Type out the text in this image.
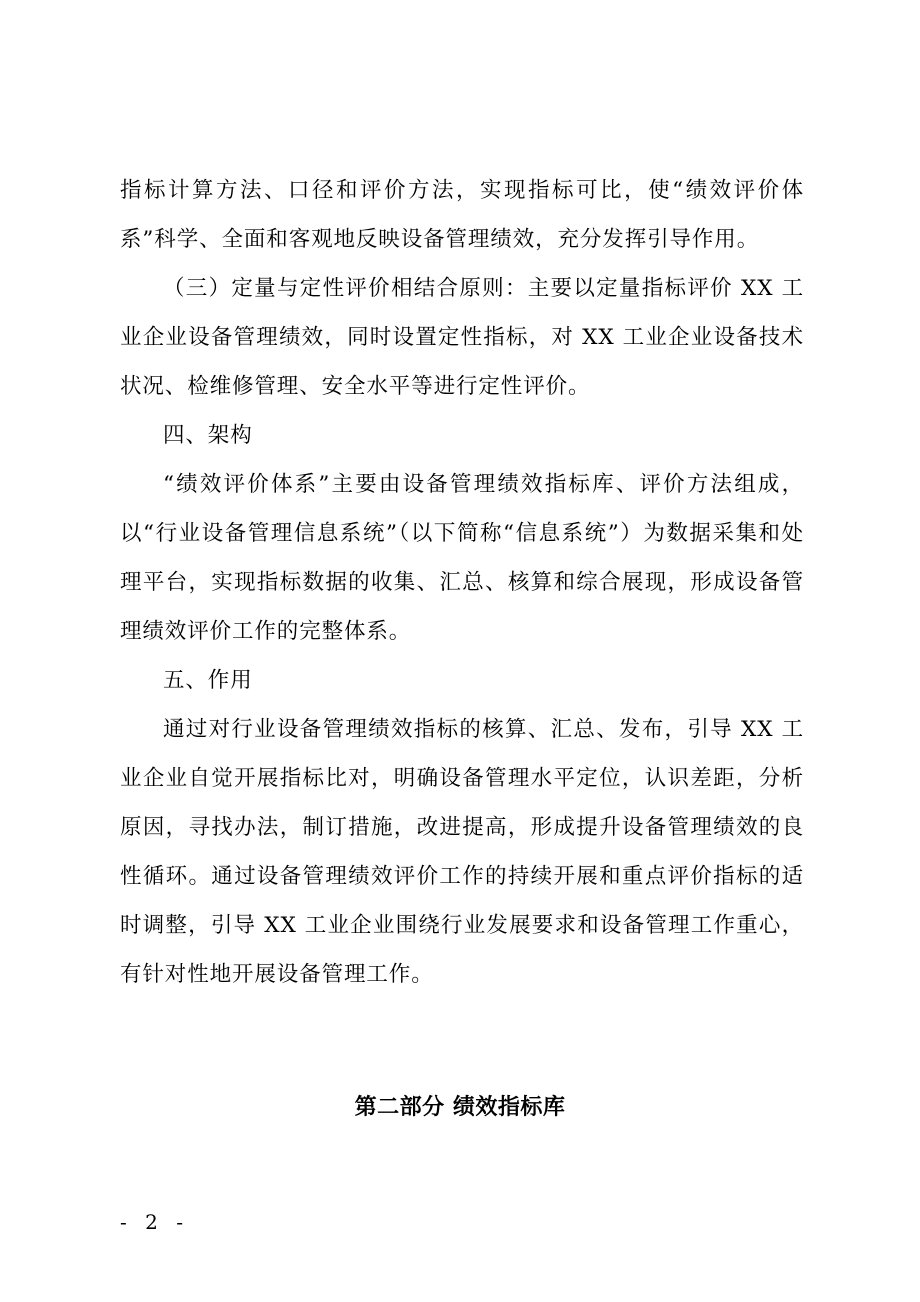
指标计算方法、口径和评价方法，实现指标可比，使“绩效评价体系”科学、全面和客观地反映设备管理绩效，充分发挥引导作用。

（三）定量与定性评价相结合原则：主要以定量指标评价 XX 工业企业设备管理绩效，同时设置定性指标，对 XX 工业企业设备技术状况、检维修管理、安全水平等进行定性评价。

四、架构

“绩效评价体系”主要由设备管理绩效指标库、评价方法组成，以“行业设备管理信息系统”（以下简称“信息系统”）为数据采集和处理平台，实现指标数据的收集、汇总、核算和综合展现，形成设备管理绩效评价工作的完整体系。

五、作用

通过对行业设备管理绩效指标的核算、汇总、发布，引导 XX 工业企业自觉开展指标比对，明确设备管理水平定位，认识差距，分析原因，寻找办法，制订措施，改进提高，形成提升设备管理绩效的良性循环。通过设备管理绩效评价工作的持续开展和重点评价指标的适时调整，引导 XX 工业企业围绕行业发展要求和设备管理工作重心，有针对性地开展设备管理工作。

第二部分 绩效指标库
- 2 -
